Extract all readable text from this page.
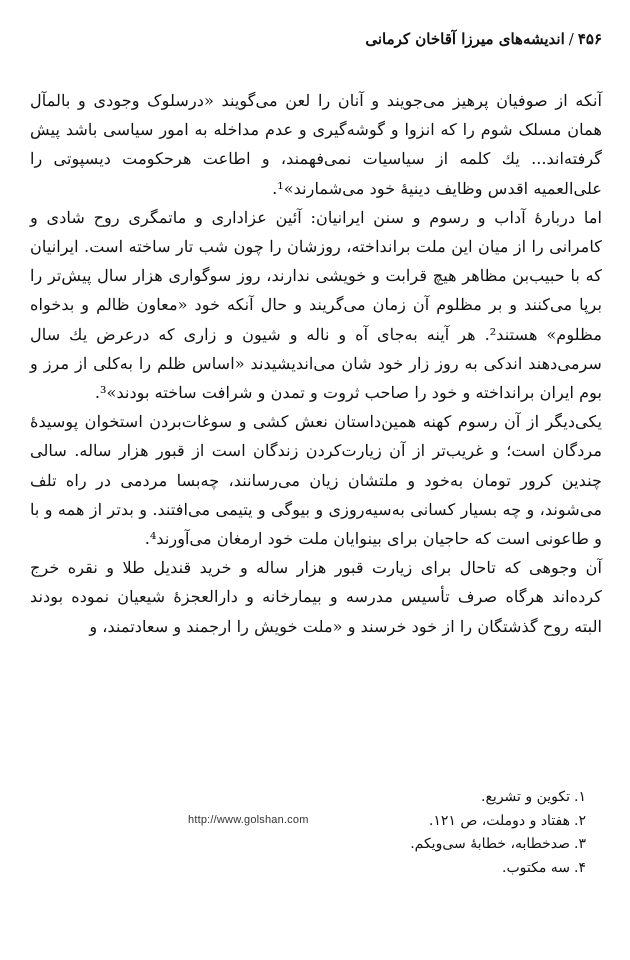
۴۵۶/اندیشه‌های میرزا آقاخان کرمانی

آنکه از صوفیان پرهیز می‌جویند و آنان را لعن می‌گویند «درسلوک وجودی و بالمآل همان مسلک شوم را که انزوا و گوشه‌گیری و عدم مداخله به امور سیاسی باشد پیش گرفته‌اند... یك کلمه از سیاسیات نمی‌فهمند، و اطاعت هرحکومت دیسپوتی را علی‌العمیه اقدس وظایف دینیهٔ خود می‌شمارند»¹.

اما دربارهٔ آداب و رسوم و سنن ایرانیان: آئین عزاداری و ماتمگری روح شادی و کامرانی را از میان این ملت برانداخته، روزشان را چون شب تار ساخته است. ایرانیان که با حبیب‌بن مظاهر هیچ قرابت و خویشی ندارند، روز سوگواری هزار سال پیش‌تر را برپا می‌کنند و بر مظلوم آن زمان می‌گریند و حال آنکه خود «معاون ظالم و بدخواه مظلوم» هستند². هر آینه به‌جای آه و ناله و شیون و زاری که درعرض یك سال سرمی‌دهند اندکی به روز زار خود شان می‌اندیشیدند «اساس ظلم را به‌کلی از مرز و بوم ایران برانداخته و خود را صاحب ثروت و تمدن و شرافت ساخته بودند»³.

یکی‌دیگر از آن رسوم کهنه همین‌داستان نعش کشی و سوغات‌بردن استخوان پوسیدهٔ مردگان است؛ و غریب‌تر از آن زیارت‌کردن زندگان است از قبور هزار ساله. سالی چندین کرور تومان به‌خود و ملتشان زیان می‌رسانند، چه‌بسا مردمی در راه تلف می‌شوند، و چه بسیار کسانی به‌سیه‌روزی و بیوگی و یتیمی می‌افتند. و بدتر از همه و با و طاعونی است که حاجیان برای بینوایان ملت خود ارمغان می‌آورند⁴.

آن وجوهی که تاحال برای زیارت قبور هزار ساله و خرید قندیل طلا و نقره خرج کرده‌اند هرگاه صرف تأسیس مدرسه و بیمارخانه و دارالعجزهٔ شیعیان نموده بودند البته روح گذشتگان را از خود خرسند و «ملت خویش را ارجمند و سعادتمند، و

۱.تکوین و تشریع.
۲.هفتاد و دوملت، ص ۱۲۱.
۳.صدخطابه، خطابهٔ سی‌ویکم.
۴.سه مکتوب.
http://www.golshan.com
